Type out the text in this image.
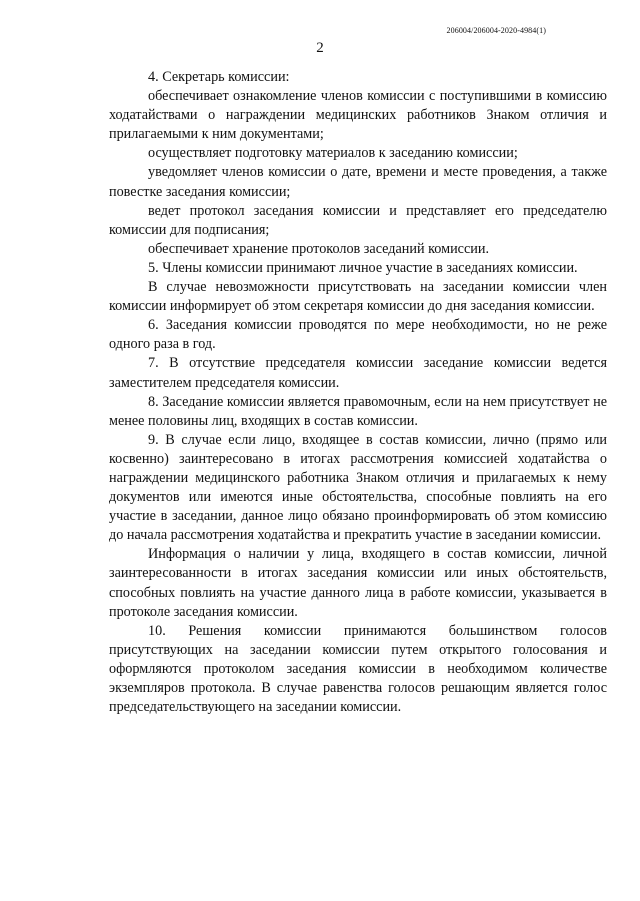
206004/206004-2020-4984(1)
2

4. Секретарь комиссии:

обеспечивает ознакомление членов комиссии с поступившими в комиссию ходатайствами о награждении медицинских работников Знаком отличия и прилагаемыми к ним документами;

осуществляет подготовку материалов к заседанию комиссии;

уведомляет членов комиссии о дате, времени и месте проведения, а также повестке заседания комиссии;

ведет протокол заседания комиссии и представляет его председателю комиссии для подписания;

обеспечивает хранение протоколов заседаний комиссии.

5. Члены комиссии принимают личное участие в заседаниях комиссии.

В случае невозможности присутствовать на заседании комиссии член комиссии информирует об этом секретаря комиссии до дня заседания комиссии.

6. Заседания комиссии проводятся по мере необходимости, но не реже одного раза в год.

7. В отсутствие председателя комиссии заседание комиссии ведется заместителем председателя комиссии.

8. Заседание комиссии является правомочным, если на нем присутствует не менее половины лиц, входящих в состав комиссии.

9. В случае если лицо, входящее в состав комиссии, лично (прямо или косвенно) заинтересовано в итогах рассмотрения комиссией ходатайства о награждении медицинского работника Знаком отличия и прилагаемых к нему документов или имеются иные обстоятельства, способные повлиять на его участие в заседании, данное лицо обязано проинформировать об этом комиссию до начала рассмотрения ходатайства и прекратить участие в заседании комиссии.

Информация о наличии у лица, входящего в состав комиссии, личной заинтересованности в итогах заседания комиссии или иных обстоятельств, способных повлиять на участие данного лица в работе комиссии, указывается в протоколе заседания комиссии.

10. Решения комиссии принимаются большинством голосов присутствующих на заседании комиссии путем открытого голосования и оформляются протоколом заседания комиссии в необходимом количестве экземпляров протокола. В случае равенства голосов решающим является голос председательствующего на заседании комиссии.
